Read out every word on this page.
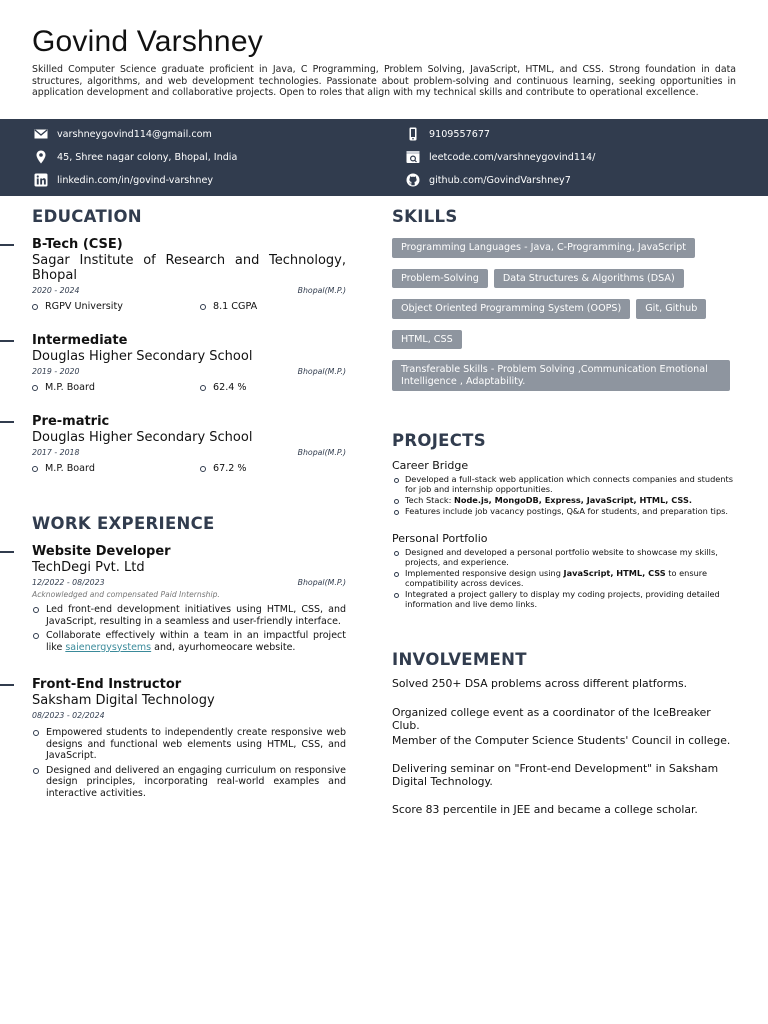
Govind Varshney
Skilled Computer Science graduate proficient in Java, C Programming, Problem Solving, JavaScript, HTML, and CSS. Strong foundation in data structures, algorithms, and web development technologies. Passionate about problem-solving and continuous learning, seeking opportunities in application development and collaborative projects. Open to roles that align with my technical skills and contribute to operational excellence.
varshneygovind114@gmail.com	9109557677
45, Shree nagar colony, Bhopal, India	leetcode.com/varshneygovind114/
linkedin.com/in/govind-varshney	github.com/GovindVarshney7
EDUCATION
B-Tech (CSE)
Sagar Institute of Research and Technology, Bhopal
2020 - 2024	Bhopal(M.P.)
RGPV University	8.1 CGPA
Intermediate
Douglas Higher Secondary School
2019 - 2020	Bhopal(M.P.)
M.P. Board	62.4 %
Pre-matric
Douglas Higher Secondary School
2017 - 2018	Bhopal(M.P.)
M.P. Board	67.2 %
WORK EXPERIENCE
Website Developer
TechDegi Pvt. Ltd
12/2022 - 08/2023	Bhopal(M.P.)
Acknowledged and compensated Paid Internship.
Led front-end development initiatives using HTML, CSS, and JavaScript, resulting in a seamless and user-friendly interface.
Collaborate effectively within a team in an impactful project like saienergysystems and, ayurhomeocare website.
Front-End Instructor
Saksham Digital Technology
08/2023 - 02/2024
Empowered students to independently create responsive web designs and functional web elements using HTML, CSS, and JavaScript.
Designed and delivered an engaging curriculum on responsive design principles, incorporating real-world examples and interactive activities.
SKILLS
Programming Languages - Java, C-Programming, JavaScript
Problem-Solving	Data Structures & Algorithms (DSA)
Object Oriented Programming System (OOPS)	Git, Github
HTML, CSS
Transferable Skills - Problem Solving ,Communication Emotional Intelligence , Adaptability.
PROJECTS
Career Bridge
Developed a full-stack web application which connects companies and students for job and internship opportunities.
Tech Stack: Node.js, MongoDB, Express, JavaScript, HTML, CSS.
Features include job vacancy postings, Q&A for students, and preparation tips.
Personal Portfolio
Designed and developed a personal portfolio website to showcase my skills, projects, and experience.
Implemented responsive design using JavaScript, HTML, CSS to ensure compatibility across devices.
Integrated a project gallery to display my coding projects, providing detailed information and live demo links.
INVOLVEMENT
Solved 250+ DSA problems across different platforms.
Organized college event as a coordinator of the IceBreaker Club.
Member of the Computer Science Students' Council in college.
Delivering seminar on "Front-end Development" in Saksham Digital Technology.
Score 83 percentile in JEE and became a college scholar.
